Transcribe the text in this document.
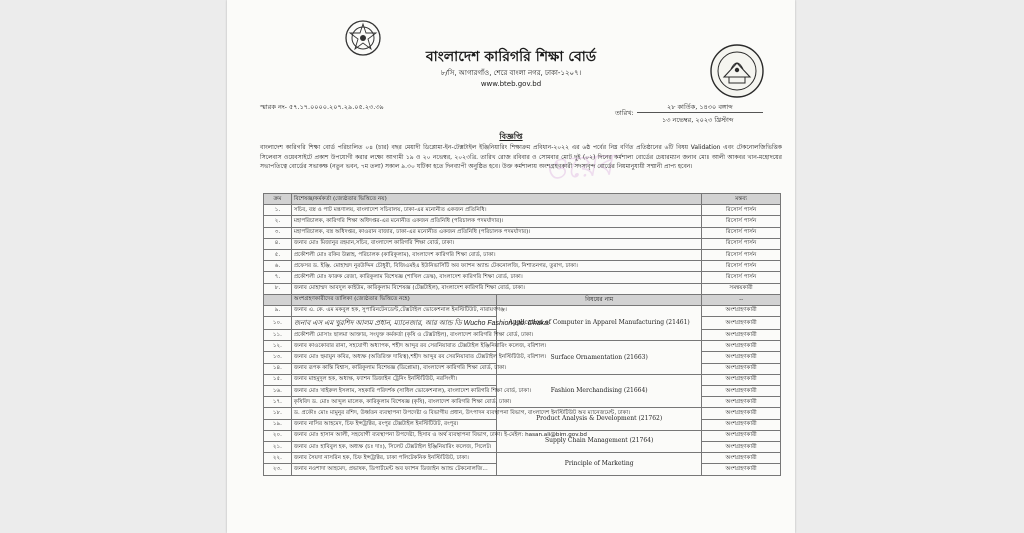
বাংলাদেশ কারিগরি শিক্ষা বোর্ড
৮/সি, আগারগাঁও, শেরে বাংলা নগর, ঢাকা-১২০৭।
www.bteb.gov.bd
স্মারক নং- ৫৭.১৭.০০০০.২০৭.২৯.০৫.২৩.৩৯	২৮ কার্তিক, ১৪৩০ বঙ্গাব্দ
তারিখ:
১৩ নভেম্বর, ২০২৩ খ্রিস্টাব্দ
ওয়েব
বিজ্ঞপ্তি
বাংলাদেশ কারিগরি শিক্ষা বোর্ড পরিচালিত ০৪ (চার) বছর মেয়াদী ডিপ্লোমা-ইন-টেক্সটাইল ইঞ্জিনিয়ারিং শিক্ষাক্রম প্রবিধান-২০২২ এর ৬ষ্ঠ পর্বের নিম্ন বর্ণিত প্রতিষ্ঠানের ৬টি বিষয় Validation এবং টেকনোলজিভিত্তিক সিলেবাস ওয়েবসাইটে প্রকাশ উপযোগী করার লক্ষ্যে আগামী ১৯ ও ২০ নভেম্বর, ২০২৩খ্রি. তারিখ রোজ রবিবার ও সোমবার মোট দুই (০২) দিনের কর্মশালা বোর্ডের চেয়ারম্যান জনাব মোঃ আলী আকবর খান-মহোদয়ের সভাপতিত্বে বোর্ডের সভাকক্ষ (নতুন ভবন, ৭ম তলা) সকাল ৯.৩০ ঘটিকা হতে দিনব্যাপী অনুষ্ঠিত হবে। উক্ত কর্মশালায় অংশগ্রহণকারী সদস্যবৃন্দ বোর্ডের নিয়মানুযায়ী সম্মানী প্রাপ্য হবেন।
ক্রম	বিশেষজ্ঞ/কর্মকর্তা (জ্যেষ্ঠতার ভিত্তিতে নয়)		মন্তব্য
১.	সচিব, বস্ত্র ও পাট মন্ত্রণালয়, বাংলাদেশ সচিবালয়, ঢাকা-এর মনোনীত একজন প্রতিনিধি।		রিসোর্স পার্সন
২.	মহাপরিচালক, কারিগরি শিক্ষা অধিদপ্তর-এর মনোনীত একজন প্রতিনিধি (পরিচালক পদমর্যাদার)।		রিসোর্স পার্সন
৩.	মহাপরিচালক, বস্ত্র অধিদপ্তর, কাওরান বাজার, ঢাকা-এর মনোনীত একজন প্রতিনিধি (পরিচালক পদমর্যাদার)।		রিসোর্স পার্সন
৪.	জনাব মোঃ মিজানুর রহমান,সচিব, বাংলাদেশ কারিগরি শিক্ষা বোর্ড, ঢাকা।		রিসোর্স পার্সন
৫.	প্রকৌশলী মোঃ রকিব উল্লাহ, পরিচালক (কারিকুলাম), বাংলাদেশ কারিগরি শিক্ষা বোর্ড, ঢাকা।		রিসোর্স পার্সন
৬.	প্রফেসর ড. ইঞ্জি. মোহাম্মদ নুরউদ্দিন চৌধুরী, বিজিএমইএ ইউনিভার্সিটি অব ফ্যাশন অ্যান্ড টেকনোলজি, নিশাতনগর, তুরাগ, ঢাকা।		রিসোর্স পার্সন
৭.	প্রকৌশলী মোঃ ফারুক রেজা, কারিকুলাম বিশেষজ্ঞ (শাখিল ডেস্ক), বাংলাদেশ কারিগরি শিক্ষা বোর্ড, ঢাকা।		রিসোর্স পার্সন
৮.	জনাব মোহাম্মদ আবদুল কাইউম, কারিকুলাম বিশেষজ্ঞ (টেক্সটাইল), বাংলাদেশ কারিগরি শিক্ষা বোর্ড, ঢাকা।		সমন্বয়কারী
	অংশগ্রহণকারীদের তালিকা (জ্যেষ্ঠতার ভিত্তিতে নহে)	বিষয়ের নাম	--
৯.	জনাব এ. কে. এম মকবুল হক, সুপারিনটেনডেন্ট,টেক্সটাইল ভোকেশনাল ইনস্টিটিউট, নারায়ণগঞ্জ।	Application of Computer in Apparel Manufacturing (21461)	অংশগ্রহণকারী
১০.	জনাব এস এম খুরশিদ আলম প্রধান, ম্যানেজার, আর আন্ড ডি Wucho Fashion Ltd. Dhaka.		অংশগ্রহণকারী
১১.	প্রকৌশলী মোসাঃ ছালমা আক্তার, সংযুক্ত কর্মকর্তা (কৃষি ও টেক্সটাইল), বাংলাদেশ কারিগরি শিক্ষা বোর্ড, ঢাকা।		অংশগ্রহণকারী
১২.	জনাব কাওকোবার রানা, সহযোগী অধ্যাপক, শহীদ আব্দুর রব সেরনিয়াবাত টেক্সটাইল ইঞ্জিনিয়ারিং কলেজ, বরিশাল।	Surface Ornamentation (21663)	অংশগ্রহণকারী
১৩.	জনাব মোঃ হুমায়ুন কবির, অধ্যক্ষ (অতিরিক্ত দায়িত্ব),শহীদ আব্দুর রব সেরনিয়াবাত টেক্সটাইল ইনস্টিটিউট, বরিশাল।		অংশগ্রহণকারী
১৪.	জনাব রূপক কান্তি বিশ্বাস, কারিকুলাম বিশেষজ্ঞ (ডিপ্লোমা), বাংলাদেশ কারিগরি শিক্ষা বোর্ড, ঢাকা।		অংশগ্রহণকারী
১৫.	জনাব মাহমুদুল হক, অধ্যক্ষ, ফ্যাশন ডিজাইন ট্রেনিং ইনস্টিটিউট, নরসিংদী।	Fashion Merchandising (21664)	অংশগ্রহণকারী
১৬.	জনাব মোঃ খাইরুল ইসলাম, সহকারি পরিদর্শক (সাধিল ভোকেশনাল), বাংলাদেশ কারিগরি শিক্ষা বোর্ড, ঢাকা।		অংশগ্রহণকারী
১৭.	কৃষিবিদ ড. মোঃ আব্দুল মালেক, কারিকুলাম বিশেষজ্ঞ (কৃষি), বাংলাদেশ কারিগরি শিক্ষা বোর্ড, ঢাকা।		অংশগ্রহণকারী
১৮.	ড. প্রকৌঃ মোঃ মামুনুর রশিদ, উর্ধ্বতন ব্যবস্থাপনা উপদেষ্টা ও বিভাগীয় প্রধান, উৎপাদন ব্যবস্থাপনা বিভাগ, বাংলাদেশ ইনস্টিটিউট অব ম্যানেজমেন্ট, ঢাকা।	Product Analysis & Development (21762)	অংশগ্রহণকারী
১৯.	জনাব নাসির আহমেদ, চিফ ইন্সট্রাক্টর, রংপুর টেক্সটাইল ইনস্টিটিউট, রংপুর।		অংশগ্রহণকারী
২০.	জনাব মোঃ হাসান আলী, সহযোগী ব্যবস্থাপনা উপদেষ্টা, হিসাব ও অর্থ ব্যবস্থাপনা বিভাগ, ঢাকা। ই-মেইল: hasan.ali@bim.gov.bd	Supply Chain Management (21764)	অংশগ্রহণকারী
২১.	জনাব মোঃ হাবিবুল হক, অধ্যক্ষ (চঃ দাঃ), সিলেট টেক্সটাইল ইঞ্জিনিয়ারিং কলেজ, সিলেট।		অংশগ্রহণকারী
২২.	জনাব সৈয়দা নাসরিন হক, চিফ ইন্সট্রাক্টর, ঢাকা পলিটেকনিক ইনস্টিটিউট, ঢাকা।	Principle of Marketing	অংশগ্রহণকারী
২৩.	জনাব নওশাদা আহমেদ, প্রভাষক, ডিপার্টমেন্ট অব ফ্যাশন ডিজাইন অ্যান্ড টেকনোলজি...		অংশগ্রহণকারী
